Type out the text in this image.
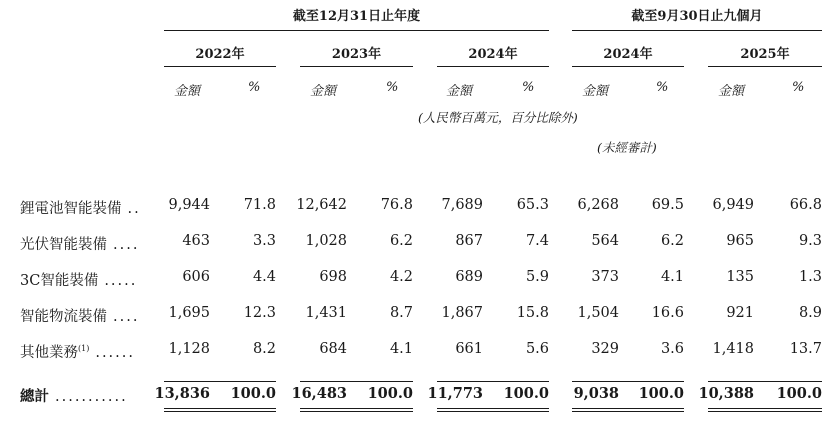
截至12月31日止年度	截至9月30日止九個月
2022年	2023年	2024年	2024年	2025年
金額	%	金額	%	金額	%	金額	%	金額	%
(人民幣百萬元，百分比除外)
(未經審計)
鋰電池智能裝備 .. 9,944 71.8 12,642 76.8 7,689 65.3 6,268 69.5 6,949 66.8
光伏智能裝備 ....	463	3.3 1,028	6.2	867	7.4	564	6.2	965	9.3
3C智能裝備 .....	606	4.4	698	4.2	689	5.9	373	4.1	135	1.3
智能物流裝備 .... 1,695 12.3 1,431	8.7 1,867 15.8 1,504 16.6	921	8.9
其他業務$^{(1)}$ ...... 1,128	8.2	684	4.1	661	5.6	329	3.6 1,418 13.7
總計 ........... 13,836 100.0 16,483 100.0 11,773 100.0 9,038 100.0 10,388 100.0
